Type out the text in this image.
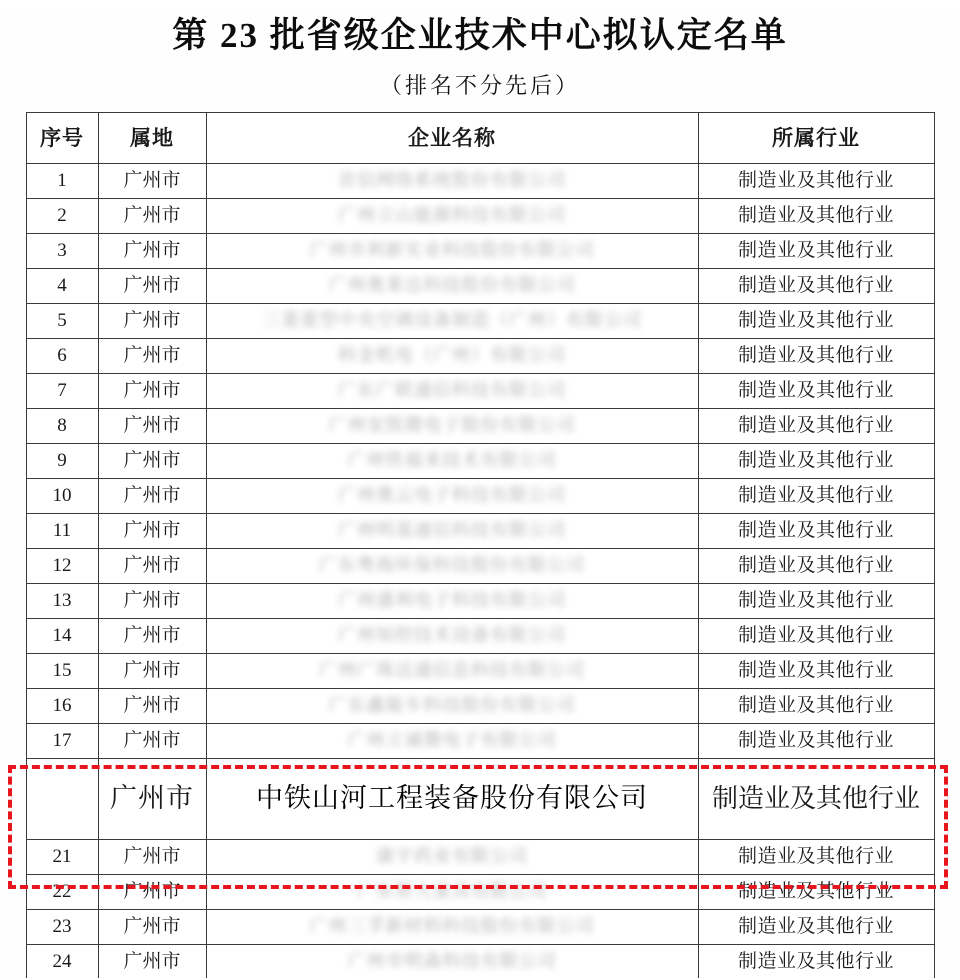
第 23 批省级企业技术中心拟认定名单
（排名不分先后）
序号	属地	企业名称	所属行业
1	广州市	首信网络系统股份有限公司	制造业及其他行业
2	广州市	广州立山能源科技有限公司	制造业及其他行业
3	广州市	广州市利新实业科技股份有限公司	制造业及其他行业
4	广州市	广州奥莱达科技股份有限公司	制造业及其他行业
5	广州市	三菱重型中央空调设备制造（广州）有限公司	制造业及其他行业
6	广州市	科金机电（广州）有限公司	制造业及其他行业
7	广州市	广东广联通信科技有限公司	制造业及其他行业
8	广州市	广州安凯微电子股份有限公司	制造业及其他行业
9	广州市	广州铁福来技术有限公司	制造业及其他行业
10	广州市	广州奥云电子科技有限公司	制造业及其他行业
11	广州市	广州明基通信科技有限公司	制造业及其他行业
12	广州市	广东粤海环保科技股份有限公司	制造业及其他行业
13	广州市	广州盛利电子科技有限公司	制造业及其他行业
14	广州市	广州知控技术设备有限公司	制造业及其他行业
15	广州市	广州广珠达通信息科技有限公司	制造业及其他行业
16	广州市	广东鑫能车科技股份有限公司	制造业及其他行业
17	广州市	广州立诚微电子有限公司	制造业及其他行业
	广州市	中铁山河工程装备股份有限公司	制造业及其他行业
21	广州市	康宇药业有限公司	制造业及其他行业
22	广州市	广东智大家具有限公司	制造业及其他行业
23	广州市	广州三孚新材料科技股份有限公司	制造业及其他行业
24	广州市	广州市明森科技有限公司	制造业及其他行业
